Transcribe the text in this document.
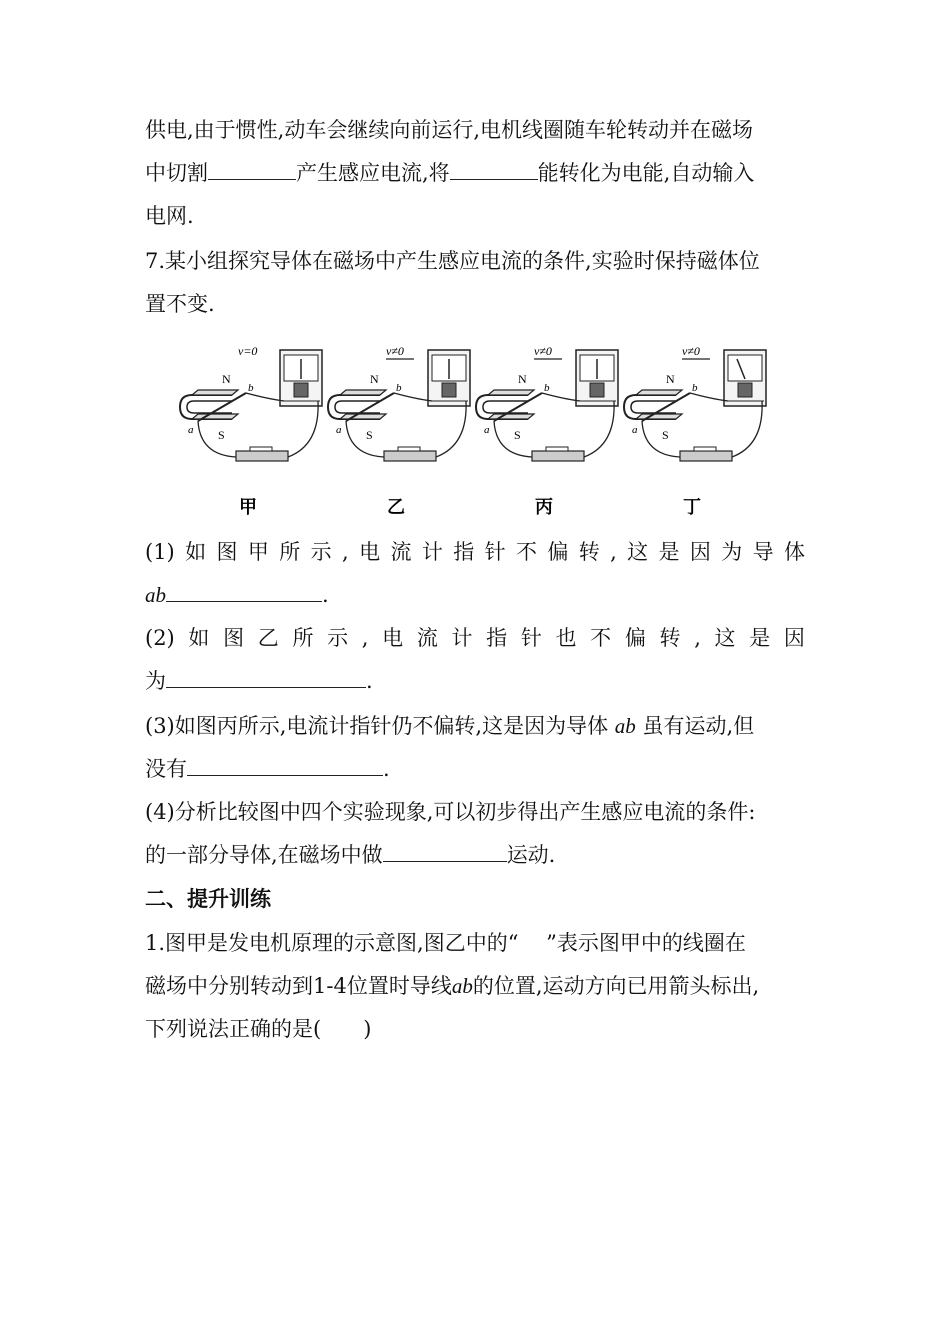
供电,由于惯性,动车会继续向前运行,电机线圈随车轮转动并在磁场
中切割	产生感应电流,将	能转化为电能,自动输入
电网.
7.某小组探究导体在磁场中产生感应电流的条件,实验时保持磁体位
置不变.
v=0
N
S
a
b
甲
v≠0
N
S
a
b
乙
v≠0
N
S
a
b
丙
v≠0
N
S
a
b
丁
(1) 如 图 甲 所 示 , 电 流 计 指 针 不 偏 转 , 这 是 因 为 导 体
ab	.
(2) 如 图 乙 所 示 , 电 流 计 指 针 也 不 偏 转 , 这 是 因
为	.
(3)如图丙所示,电流计指针仍不偏转,这是因为导体 ab 虽有运动,但
没有	.
(4)分析比较图中四个实验现象,可以初步得出产生感应电流的条件:
的一部分导体,在磁场中做	运动.
二、提升训练
1.图甲是发电机原理的示意图,图乙中的“　 ”表示图甲中的线圈在
磁场中分别转动到1-4位置时导线ab的位置,运动方向已用箭头标出,
下列说法正确的是(　　)
